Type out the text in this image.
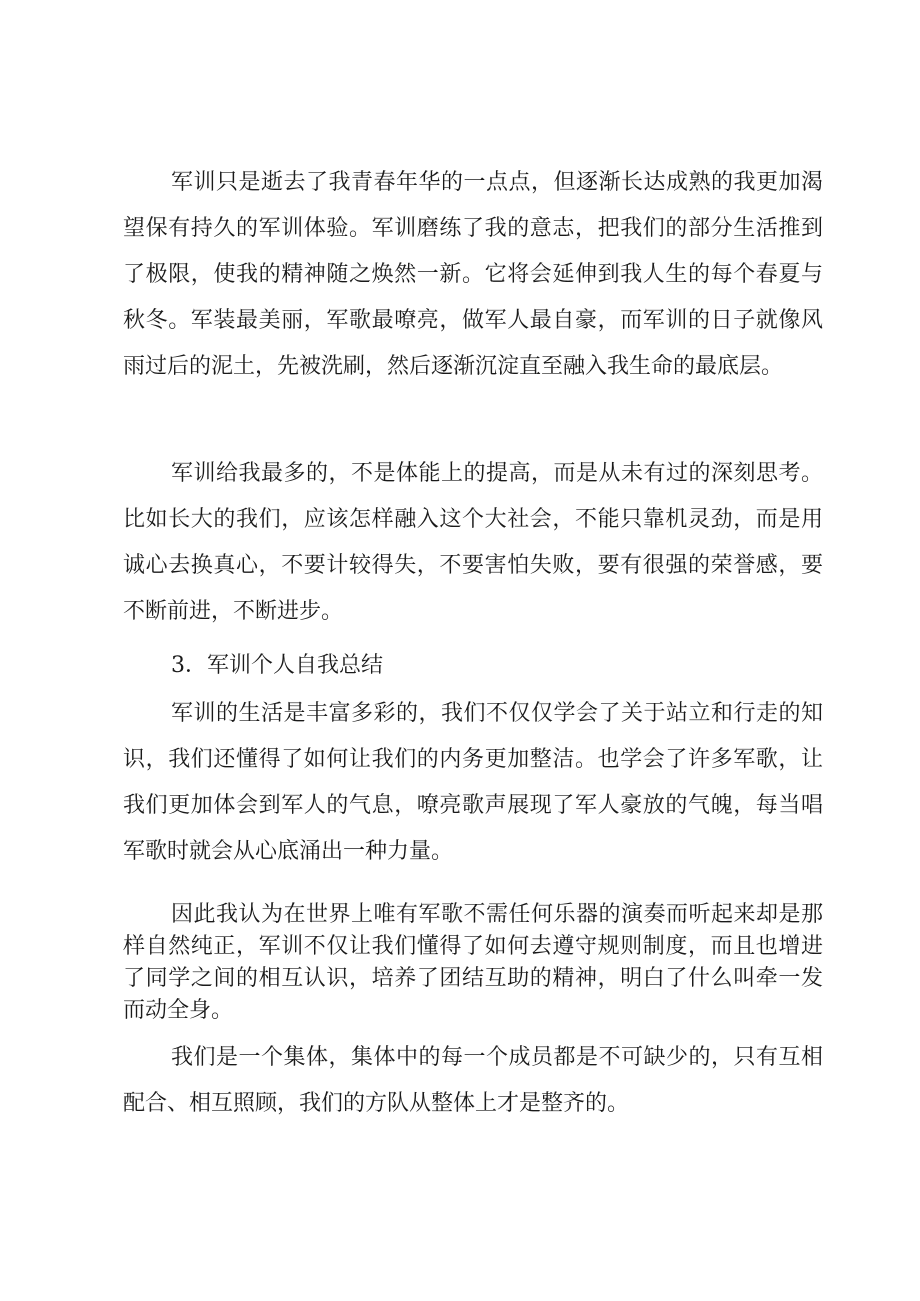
军训只是逝去了我青春年华的一点点，但逐渐长达成熟的我更加渴望保有持久的军训体验。军训磨练了我的意志，把我们的部分生活推到了极限，使我的精神随之焕然一新。它将会延伸到我人生的每个春夏与秋冬。军装最美丽，军歌最嘹亮，做军人最自豪，而军训的日子就像风雨过后的泥土，先被洗刷，然后逐渐沉淀直至融入我生命的最底层。

军训给我最多的，不是体能上的提高，而是从未有过的深刻思考。比如长大的我们，应该怎样融入这个大社会，不能只靠机灵劲，而是用诚心去换真心，不要计较得失，不要害怕失败，要有很强的荣誉感，要不断前进，不断进步。

3．军训个人自我总结

军训的生活是丰富多彩的，我们不仅仅学会了关于站立和行走的知识，我们还懂得了如何让我们的内务更加整洁。也学会了许多军歌，让我们更加体会到军人的气息，嘹亮歌声展现了军人豪放的气魄，每当唱军歌时就会从心底涌出一种力量。

因此我认为在世界上唯有军歌不需任何乐器的演奏而听起来却是那样自然纯正，军训不仅让我们懂得了如何去遵守规则制度，而且也增进了同学之间的相互认识，培养了团结互助的精神，明白了什么叫牵一发而动全身。

我们是一个集体，集体中的每一个成员都是不可缺少的，只有互相配合、相互照顾，我们的方队从整体上才是整齐的。
